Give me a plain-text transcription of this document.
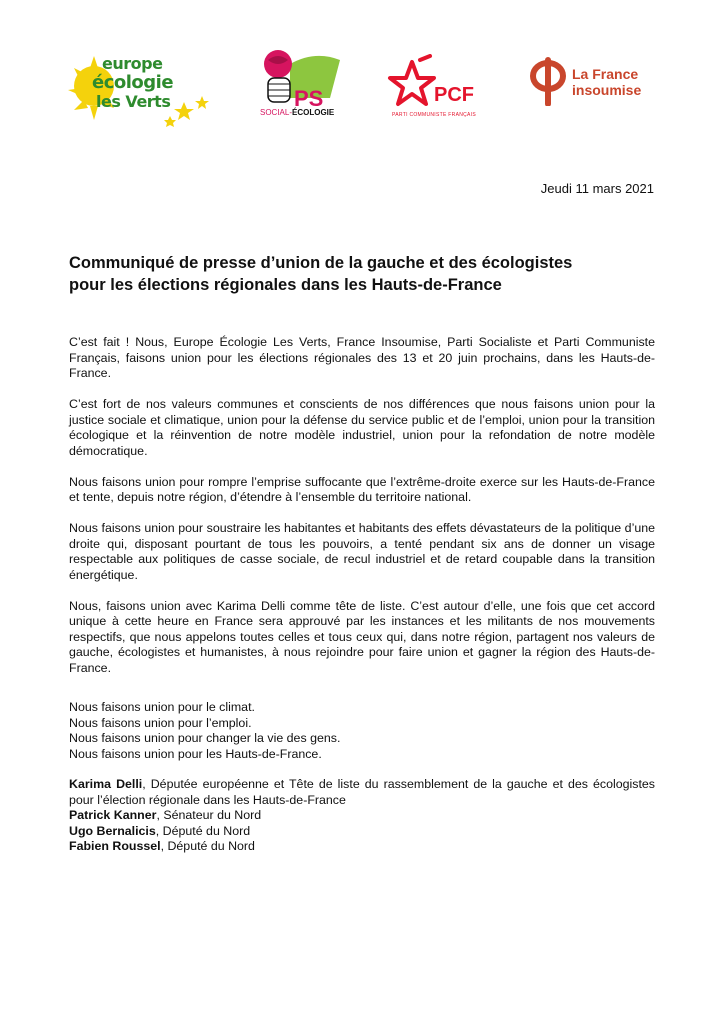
europe
écologie
les Verts	PS
SOCIAL-ÉCOLOGIE
PCF
PARTI COMMUNISTE FRANÇAIS
La France
insoumise
Jeudi 11 mars 2021
Communiqué de presse d’union de la gauche et des écologistes
pour les élections régionales dans les Hauts-de-France

C’est fait ! Nous, Europe Écologie Les Verts, France Insoumise, Parti Socialiste et Parti Communiste Français, faisons union pour les élections régionales des 13 et 20 juin prochains, dans les Hauts-de-France.

C’est fort de nos valeurs communes et conscients de nos différences que nous faisons union pour la justice sociale et climatique, union pour la défense du service public et de l’emploi, union pour la transition écologique et la réinvention de notre modèle industriel, union pour la refondation de notre modèle démocratique.

Nous faisons union pour rompre l’emprise suffocante que l’extrême-droite exerce sur les Hauts-de-France et tente, depuis notre région, d’étendre à l’ensemble du territoire national.

Nous faisons union pour soustraire les habitantes et habitants des effets dévastateurs de la politique d’une droite qui, disposant pourtant de tous les pouvoirs, a tenté pendant six ans de donner un visage respectable aux politiques de casse sociale, de recul industriel et de retard coupable dans la transition énergétique.

Nous, faisons union avec Karima Delli comme tête de liste. C’est autour d’elle, une fois que cet accord unique à cette heure en France sera approuvé par les instances et les militants de nos mouvements respectifs, que nous appelons toutes celles et tous ceux qui, dans notre région, partagent nos valeurs de gauche, écologistes et humanistes, à nous rejoindre pour faire union et gagner la région des Hauts-de-France.

Nous faisons union pour le climat.
Nous faisons union pour l’emploi.
Nous faisons union pour changer la vie des gens.
Nous faisons union pour les Hauts-de-France.
Karima Delli, Députée européenne et Tête de liste du rassemblement de la gauche et des écologistes pour l’élection régionale dans les Hauts-de-France
Patrick Kanner, Sénateur du Nord
Ugo Bernalicis, Député du Nord
Fabien Roussel, Député du Nord
